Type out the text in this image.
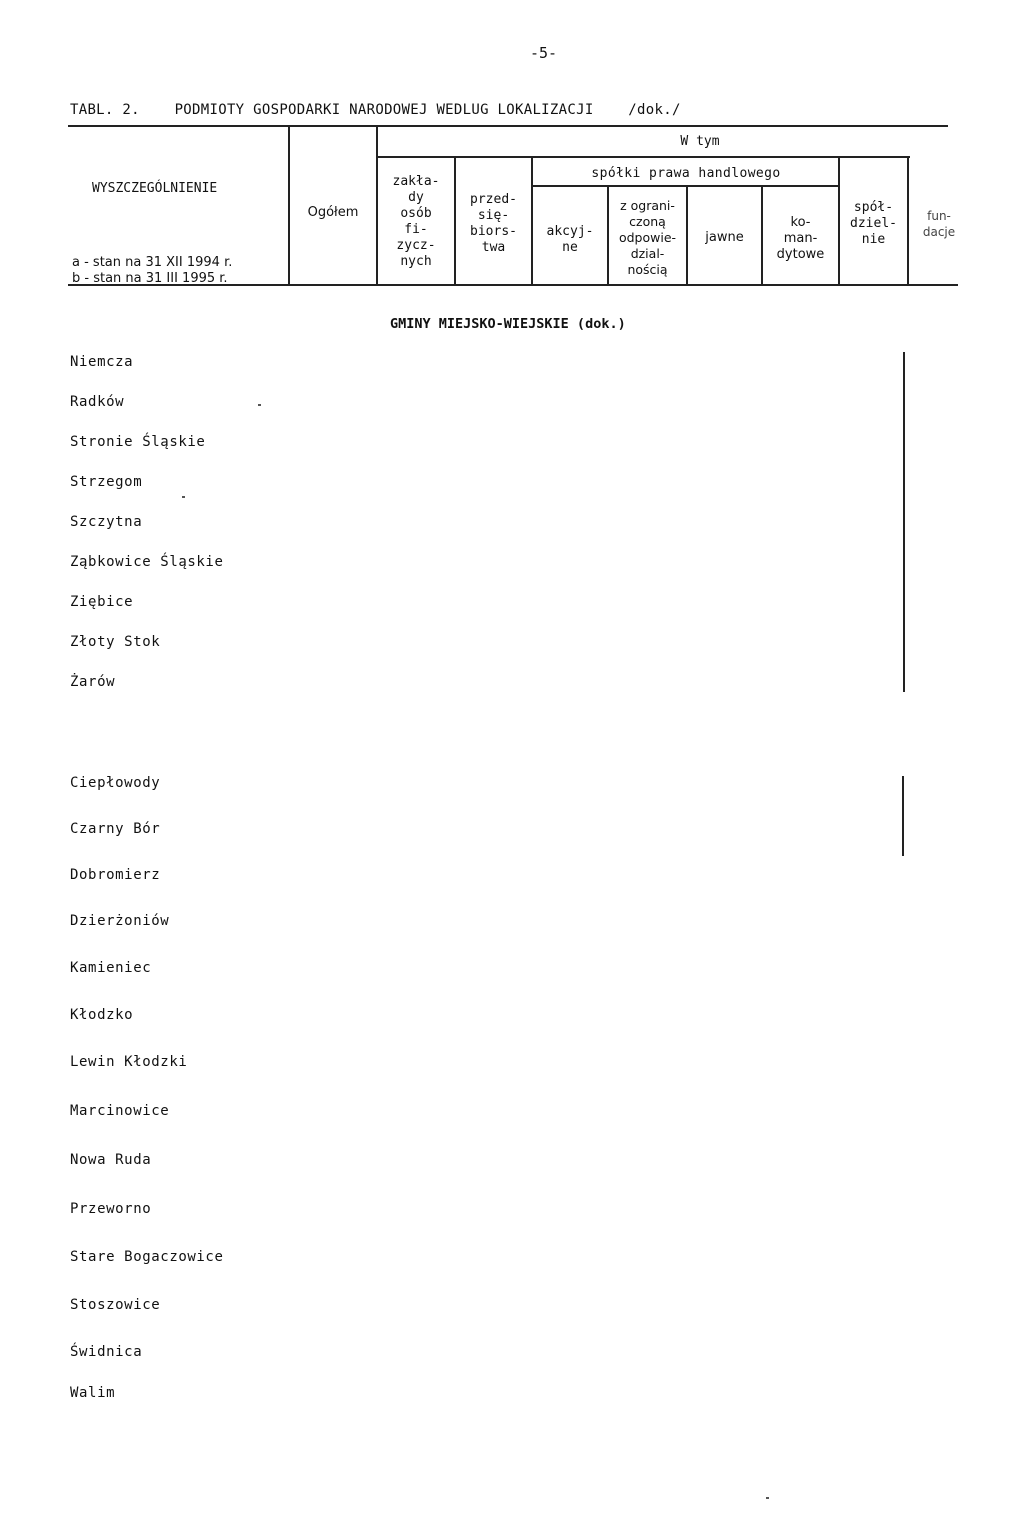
-5-
TABL. 2. PODMIOTY GOSPODARKI NARODOWEJ WEDLUG LOKALIZACJI /dok./
WYSZCZEGÓLNIENIE
a - stan na 31 XII 1994 r.
b - stan na 31 III 1995 r.
Ogółem
W tym
spółki prawa handlowego
zakła-
dy
osób
fi-
zycz-
nych
przed-
się-
biors-
twa
akcyj-
ne
z ograni-
czoną
odpowie-
dzial-
nością
jawne
ko-
man-
dytowe
spół-
dziel-
nie
fun-
dacje
GMINY MIEJSKO-WIEJSKIE (dok.)
Niemcza
Radków
Stronie Śląskie
Strzegom
Szczytna
Ząbkowice Śląskie
Ziębice
Złoty Stok
Żarów
Ciepłowody
Czarny Bór
Dobromierz
Dzierżoniów
Kamieniec
Kłodzko
Lewin Kłodzki
Marcinowice
Nowa Ruda
Przeworno
Stare Bogaczowice
Stoszowice
Świdnica
Walim
